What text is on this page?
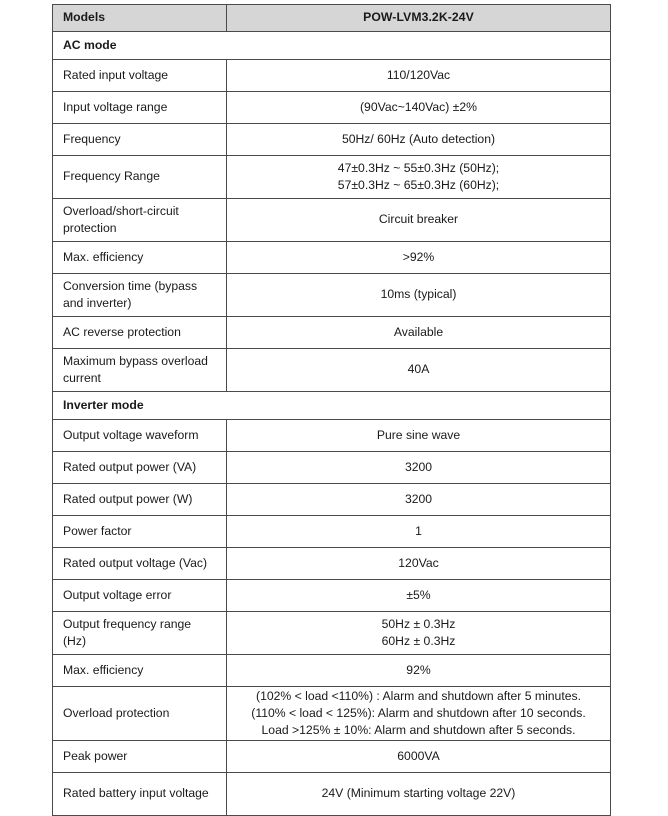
Models	POW-LVM3.2K-24V
AC mode	
Rated input voltage	110/120Vac

Input voltage range	(90Vac~140Vac) ±2%

Frequency	50Hz/ 60Hz (Auto detection)

Frequency Range	47±0.3Hz ~ 55±0.3Hz (50Hz);
57±0.3Hz ~ 65±0.3Hz (60Hz);

Overload/short-circuit protection	Circuit breaker

Max. efficiency	>92%

Conversion time (bypass and inverter)	10ms (typical)

AC reverse protection	Available

Maximum bypass overload current	40A

Inverter mode	
Output voltage waveform	Pure sine wave

Rated output power (VA)	3200

Rated output power (W)	3200

Power factor	1

Rated output voltage (Vac)	120Vac

Output voltage error	±5%

Output frequency range (Hz)	50Hz ± 0.3Hz
60Hz ± 0.3Hz

Max. efficiency	92%

Overload protection	(102% < load <110%) : Alarm and shutdown after 5 minutes.
(110% < load < 125%): Alarm and shutdown after 10 seconds.
Load >125% ± 10%: Alarm and shutdown after 5 seconds.

Peak power	6000VA

Rated battery input voltage	24V (Minimum starting voltage 22V)
